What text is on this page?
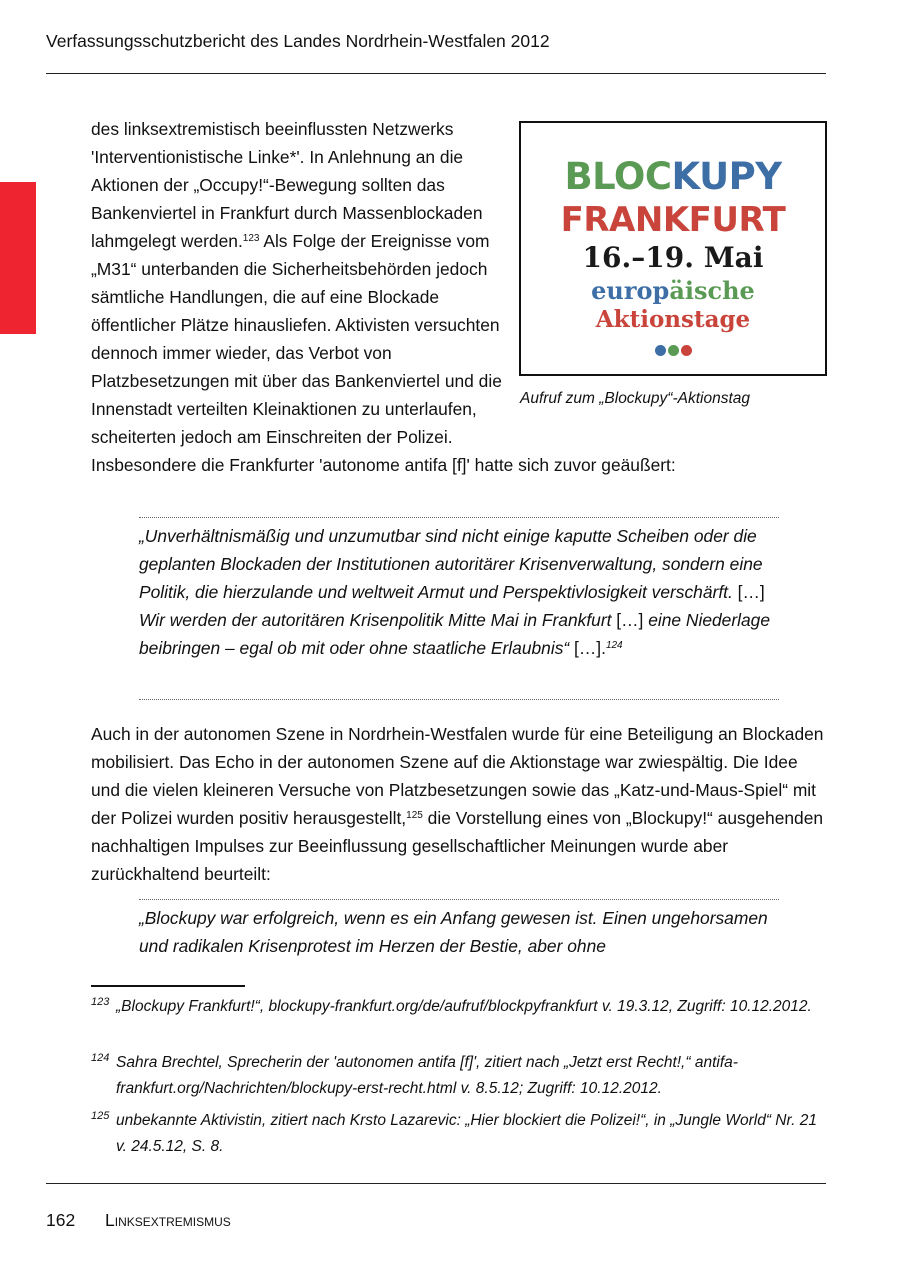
Verfassungsschutzbericht des Landes Nordrhein-Westfalen 2012

des linksextremistisch beeinflussten Netzwerks 'Interventionistische Linke*'. In Anlehnung an die Aktionen der „Occupy!“-Bewegung sollten das Bankenviertel in Frankfurt durch Massenblockaden lahmgelegt werden.$^{123}$ Als Folge der Ereignisse vom „M31“ unterbanden die Sicherheitsbehörden jedoch sämtliche Handlungen, die auf eine Blockade öffentlicher Plätze hinausliefen. Aktivisten versuchten dennoch immer wieder, das Verbot von Platzbesetzungen mit über das Bankenviertel und die Innenstadt verteilten Kleinaktionen zu unterlaufen, scheiterten jedoch am Einschreiten der Polizei. Insbesondere die Frankfurter 'autonome antifa [f]' hatte sich zuvor geäußert:

BLOCKUPY
FRANKFURT
16.–19. Mai
europäische
Aktionstage
Aufruf zum „Blockupy“-Aktionstag
„Unverhältnismäßig und unzumutbar sind nicht einige kaputte Scheiben oder die geplanten Blockaden der Institutionen autoritärer Krisenverwaltung, sondern eine Politik, die hierzulande und weltweit Armut und Perspektivlosigkeit verschärft. […] Wir werden der autoritären Krisenpolitik Mitte Mai in Frankfurt […] eine Niederlage beibringen – egal ob mit oder ohne staatliche Erlaubnis“ […].$^{124}$

Auch in der autonomen Szene in Nordrhein-Westfalen wurde für eine Beteiligung an Blockaden mobilisiert. Das Echo in der autonomen Szene auf die Aktionstage war zwiespältig. Die Idee und die vielen kleineren Versuche von Platzbesetzungen sowie das „Katz-und-Maus-Spiel“ mit der Polizei wurden positiv herausgestellt,$^{125}$ die Vorstellung eines von „Blockupy!“ ausgehenden nachhaltigen Impulses zur Beeinflussung gesellschaftlicher Meinungen wurde aber zurückhaltend beurteilt:

„Blockupy war erfolgreich, wenn es ein Anfang gewesen ist. Einen ungehorsamen und radikalen Krisenprotest im Herzen der Bestie, aber ohne
123 „Blockupy Frankfurt!“, blockupy-frankfurt.org/de/aufruf/blockpyfrankfurt v. 19.3.12, Zugriff: 10.12.2012.
124 Sahra Brechtel, Sprecherin der 'autonomen antifa [f]', zitiert nach „Jetzt erst Recht!,“ antifa-frankfurt.org/Nachrichten/blockupy-erst-recht.html v. 8.5.12; Zugriff: 10.12.2012.
125 unbekannte Aktivistin, zitiert nach Krsto Lazarevic: „Hier blockiert die Polizei!“, in „Jungle World“ Nr. 21 v. 24.5.12, S. 8.
162 Linksextremismus
